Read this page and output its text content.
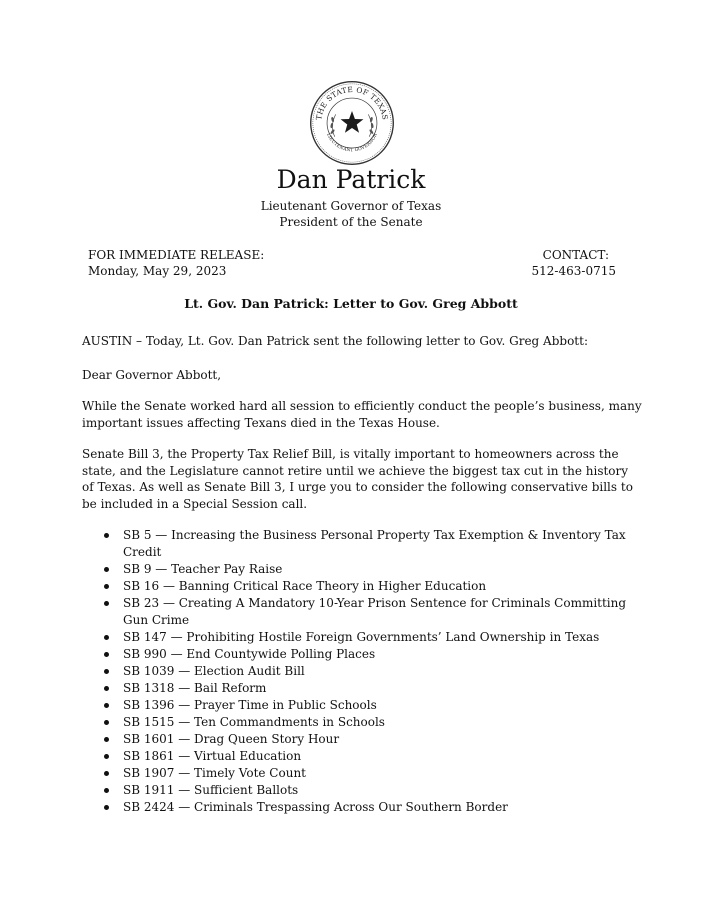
THE STATE OF TEXAS
LIEUTENANT GOVERNOR
Dan Patrick
Lieutenant Governor of Texas
President of the Senate
FOR IMMEDIATE RELEASE:
Monday, May 29, 2023
CONTACT:
512-463-0715
Lt. Gov. Dan Patrick: Letter to Gov. Greg Abbott
AUSTIN – Today, Lt. Gov. Dan Patrick sent the following letter to Gov. Greg Abbott:
Dear Governor Abbott,
While the Senate worked hard all session to efficiently conduct the people’s business, many important issues affecting Texans died in the Texas House.
Senate Bill 3, the Property Tax Relief Bill, is vitally important to homeowners across the state, and the Legislature cannot retire until we achieve the biggest tax cut in the history of Texas. As well as Senate Bill 3, I urge you to consider the following conservative bills to be included in a Special Session call.
SB 5 — Increasing the Business Personal Property Tax Exemption & Inventory Tax Credit
SB 9 — Teacher Pay Raise
SB 16 — Banning Critical Race Theory in Higher Education
SB 23 — Creating A Mandatory 10-Year Prison Sentence for Criminals Committing Gun Crime
SB 147 — Prohibiting Hostile Foreign Governments’ Land Ownership in Texas
SB 990 — End Countywide Polling Places
SB 1039 — Election Audit Bill
SB 1318 — Bail Reform
SB 1396 — Prayer Time in Public Schools
SB 1515 — Ten Commandments in Schools
SB 1601 — Drag Queen Story Hour
SB 1861 — Virtual Education
SB 1907 — Timely Vote Count
SB 1911 — Sufficient Ballots
SB 2424 — Criminals Trespassing Across Our Southern Border
